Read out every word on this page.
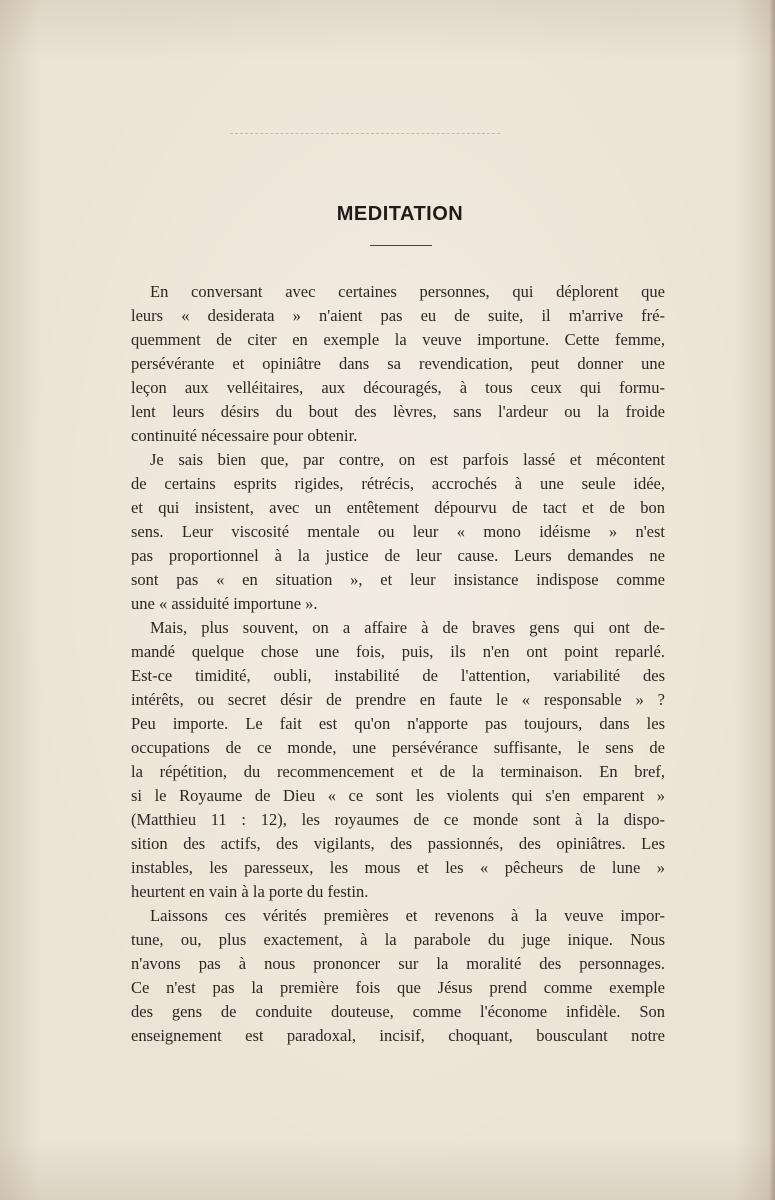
MEDITATION
En conversant avec certaines personnes, qui déplorent que
leurs « desiderata » n'aient pas eu de suite, il m'arrive fré-
quemment de citer en exemple la veuve importune. Cette femme,
persévérante et opiniâtre dans sa revendication, peut donner une
leçon aux velléitaires, aux découragés, à tous ceux qui formu-
lent leurs désirs du bout des lèvres, sans l'ardeur ou la froide
continuité nécessaire pour obtenir.
Je sais bien que, par contre, on est parfois lassé et mécontent
de certains esprits rigides, rétrécis, accrochés à une seule idée,
et qui insistent, avec un entêtement dépourvu de tact et de bon
sens. Leur viscosité mentale ou leur « mono idéisme » n'est
pas proportionnel à la justice de leur cause. Leurs demandes ne
sont pas « en situation », et leur insistance indispose comme
une « assiduité importune ».
Mais, plus souvent, on a affaire à de braves gens qui ont de-
mandé quelque chose une fois, puis, ils n'en ont point reparlé.
Est-ce timidité, oubli, instabilité de l'attention, variabilité des
intérêts, ou secret désir de prendre en faute le « responsable » ?
Peu importe. Le fait est qu'on n'apporte pas toujours, dans les
occupations de ce monde, une persévérance suffisante, le sens de
la répétition, du recommencement et de la terminaison. En bref,
si le Royaume de Dieu « ce sont les violents qui s'en emparent »
(Matthieu 11 : 12), les royaumes de ce monde sont à la dispo-
sition des actifs, des vigilants, des passionnés, des opiniâtres. Les
instables, les paresseux, les mous et les « pêcheurs de lune »
heurtent en vain à la porte du festin.
Laissons ces vérités premières et revenons à la veuve impor-
tune, ou, plus exactement, à la parabole du juge inique. Nous
n'avons pas à nous prononcer sur la moralité des personnages.
Ce n'est pas la première fois que Jésus prend comme exemple
des gens de conduite douteuse, comme l'économe infidèle. Son
enseignement est paradoxal, incisif, choquant, bousculant notre
